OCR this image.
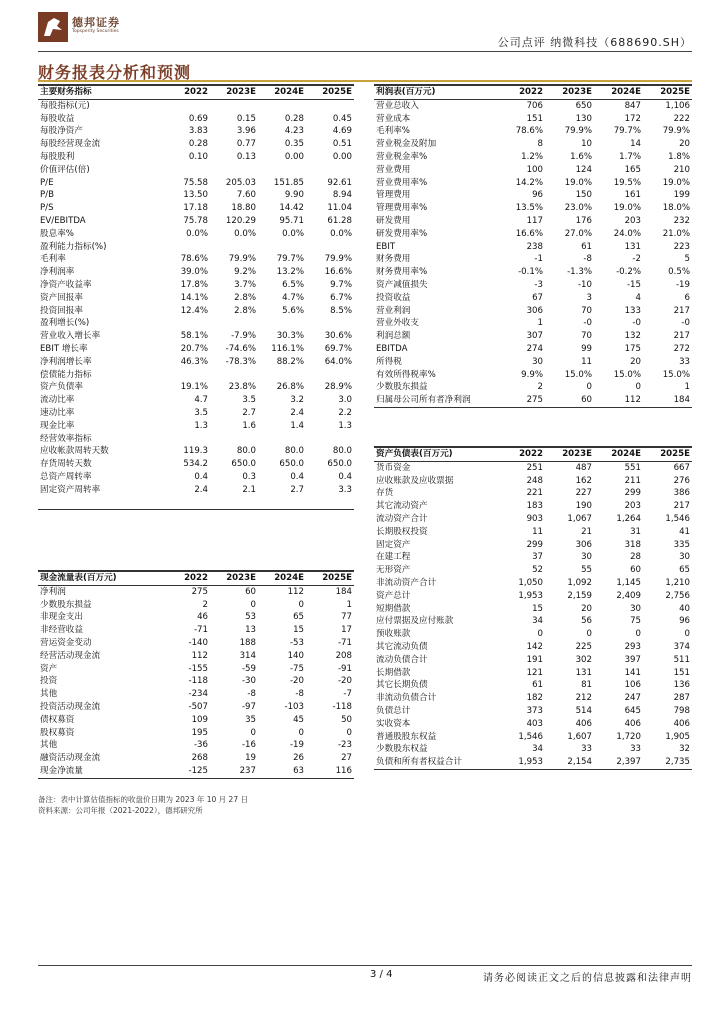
德邦证券
Topsperity Securities
公司点评 纳微科技（688690.SH）
财务报表分析和预测
主要财务指标	2022	2023E	2024E	2025E
每股指标(元)				
每股收益	0.69	0.15	0.28	0.45
每股净资产	3.83	3.96	4.23	4.69
每股经营现金流	0.28	0.77	0.35	0.51
每股股利	0.10	0.13	0.00	0.00
价值评估(倍)				
P/E	75.58	205.03	151.85	92.61
P/B	13.50	7.60	9.90	8.94
P/S	17.18	18.80	14.42	11.04
EV/EBITDA	75.78	120.29	95.71	61.28
股息率%	0.0%	0.0%	0.0%	0.0%
盈利能力指标(%)				
毛利率	78.6%	79.9%	79.7%	79.9%
净利润率	39.0%	9.2%	13.2%	16.6%
净资产收益率	17.8%	3.7%	6.5%	9.7%
资产回报率	14.1%	2.8%	4.7%	6.7%
投资回报率	12.4%	2.8%	5.6%	8.5%
盈利增长(%)				
营业收入增长率	58.1%	-7.9%	30.3%	30.6%
EBIT 增长率	20.7%	-74.6%	116.1%	69.7%
净利润增长率	46.3%	-78.3%	88.2%	64.0%
偿债能力指标				
资产负债率	19.1%	23.8%	26.8%	28.9%
流动比率	4.7	3.5	3.2	3.0
速动比率	3.5	2.7	2.4	2.2
现金比率	1.3	1.6	1.4	1.3
经营效率指标				
应收帐款周转天数	119.3	80.0	80.0	80.0
存货周转天数	534.2	650.0	650.0	650.0
总资产周转率	0.4	0.3	0.4	0.4
固定资产周转率	2.4	2.1	2.7	3.3

现金流量表(百万元)	2022	2023E	2024E	2025E
净利润	275	60	112	184
少数股东损益	2	0	0	1
非现金支出	46	53	65	77
非经营收益	-71	13	15	17
营运资金变动	-140	188	-53	-71
经营活动现金流	112	314	140	208
资产	-155	-59	-75	-91
投资	-118	-30	-20	-20
其他	-234	-8	-8	-7
投资活动现金流	-507	-97	-103	-118
债权募资	109	35	45	50
股权募资	195	0	0	0
其他	-36	-16	-19	-23
融资活动现金流	268	19	26	27
现金净流量	-125	237	63	116
利润表(百万元)	2022	2023E	2024E	2025E
营业总收入	706	650	847	1,106
营业成本	151	130	172	222
毛利率%	78.6%	79.9%	79.7%	79.9%
营业税金及附加	8	10	14	20
营业税金率%	1.2%	1.6%	1.7%	1.8%
营业费用	100	124	165	210
营业费用率%	14.2%	19.0%	19.5%	19.0%
管理费用	96	150	161	199
管理费用率%	13.5%	23.0%	19.0%	18.0%
研发费用	117	176	203	232
研发费用率%	16.6%	27.0%	24.0%	21.0%
EBIT	238	61	131	223
财务费用	-1	-8	-2	5
财务费用率%	-0.1%	-1.3%	-0.2%	0.5%
资产减值损失	-3	-10	-15	-19
投资收益	67	3	4	6
营业利润	306	70	133	217
营业外收支	1	-0	-0	-0
利润总额	307	70	132	217
EBITDA	274	99	175	272
所得税	30	11	20	33
有效所得税率%	9.9%	15.0%	15.0%	15.0%
少数股东损益	2	0	0	1
归属母公司所有者净利润	275	60	112	184
资产负债表(百万元)	2022	2023E	2024E	2025E
货币资金	251	487	551	667
应收账款及应收票据	248	162	211	276
存货	221	227	299	386
其它流动资产	183	190	203	217
流动资产合计	903	1,067	1,264	1,546
长期股权投资	11	21	31	41
固定资产	299	306	318	335
在建工程	37	30	28	30
无形资产	52	55	60	65
非流动资产合计	1,050	1,092	1,145	1,210
资产总计	1,953	2,159	2,409	2,756
短期借款	15	20	30	40
应付票据及应付账款	34	56	75	96
预收账款	0	0	0	0
其它流动负债	142	225	293	374
流动负债合计	191	302	397	511
长期借款	121	131	141	151
其它长期负债	61	81	106	136
非流动负债合计	182	212	247	287
负债总计	373	514	645	798
实收资本	403	406	406	406
普通股股东权益	1,546	1,607	1,720	1,905
少数股东权益	34	33	33	32
负债和所有者权益合计	1,953	2,154	2,397	2,735
备注：表中计算估值指标的收盘价日期为 2023 年 10 月 27 日
资料来源：公司年报（2021-2022），德邦研究所
3 / 4	请务必阅读正文之后的信息披露和法律声明
